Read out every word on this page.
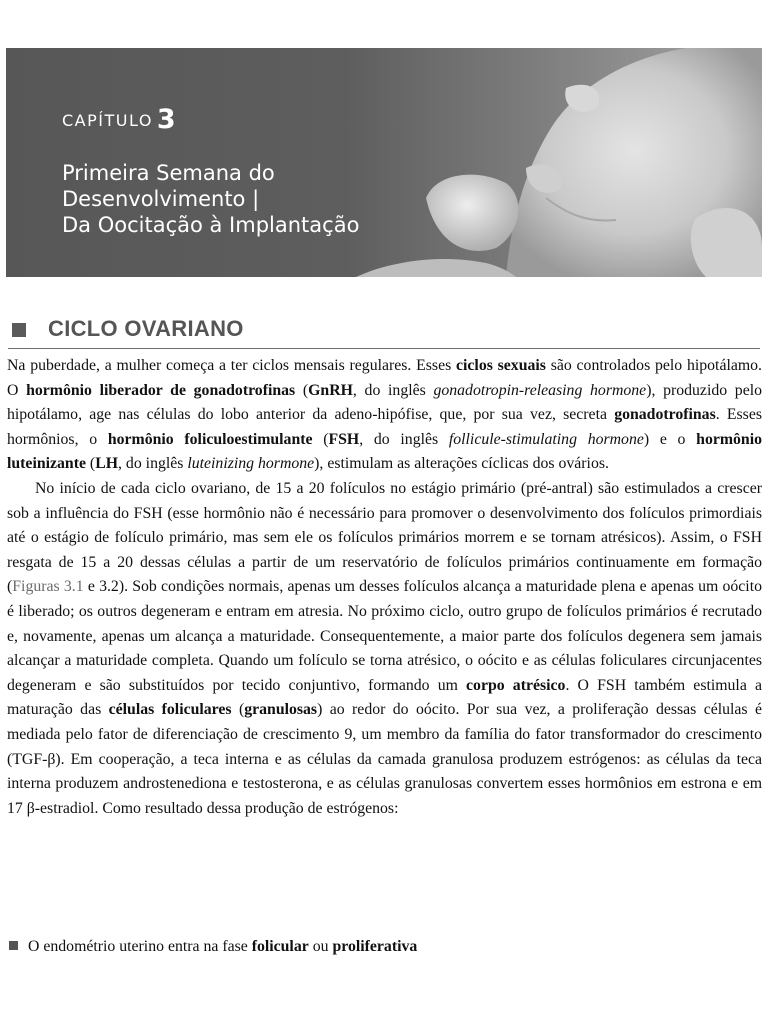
CAPÍTULO 3
Primeira Semana do
Desenvolvimento |
Da Oocitação à Implantação
CICLO OVARIANO

Na puberdade, a mulher começa a ter ciclos mensais regulares. Esses ciclos sexuais são controlados pelo hipotálamo. O hormônio liberador de gonadotrofinas (GnRH, do inglês gonadotropin-releasing hormone), produzido pelo hipotálamo, age nas células do lobo anterior da adeno-hipófise, que, por sua vez, secreta gonadotrofinas. Esses hormônios, o hormônio foliculoestimulante (FSH, do inglês follicule-stimulating hormone) e o hormônio luteinizante (LH, do inglês luteinizing hormone), estimulam as alterações cíclicas dos ovários.

No início de cada ciclo ovariano, de 15 a 20 folículos no estágio primário (pré-antral) são estimulados a crescer sob a influência do FSH (esse hormônio não é necessário para promover o desenvolvimento dos folículos primordiais até o estágio de folículo primário, mas sem ele os folículos primários morrem e se tornam atrésicos). Assim, o FSH resgata de 15 a 20 dessas células a partir de um reservatório de folículos primários continuamente em formação (Figuras 3.1 e 3.2). Sob condições normais, apenas um desses folículos alcança a maturidade plena e apenas um oócito é liberado; os outros degeneram e entram em atresia. No próximo ciclo, outro grupo de folículos primários é recrutado e, novamente, apenas um alcança a maturidade. Consequentemente, a maior parte dos folículos degenera sem jamais alcançar a maturidade completa. Quando um folículo se torna atrésico, o oócito e as células foliculares circunjacentes degeneram e são substituídos por tecido conjuntivo, formando um corpo atrésico. O FSH também estimula a maturação das células foliculares (granulosas) ao redor do oócito. Por sua vez, a proliferação dessas células é mediada pelo fator de diferenciação de crescimento 9, um membro da família do fator transformador do crescimento (TGF-β). Em cooperação, a teca interna e as células da camada granulosa produzem estrógenos: as células da teca interna produzem androstenediona e testosterona, e as células granulosas convertem esses hormônios em estrona e em 17 β-estradiol. Como resultado dessa produção de estrógenos:

O endométrio uterino entra na fase folicular ou proliferativa
